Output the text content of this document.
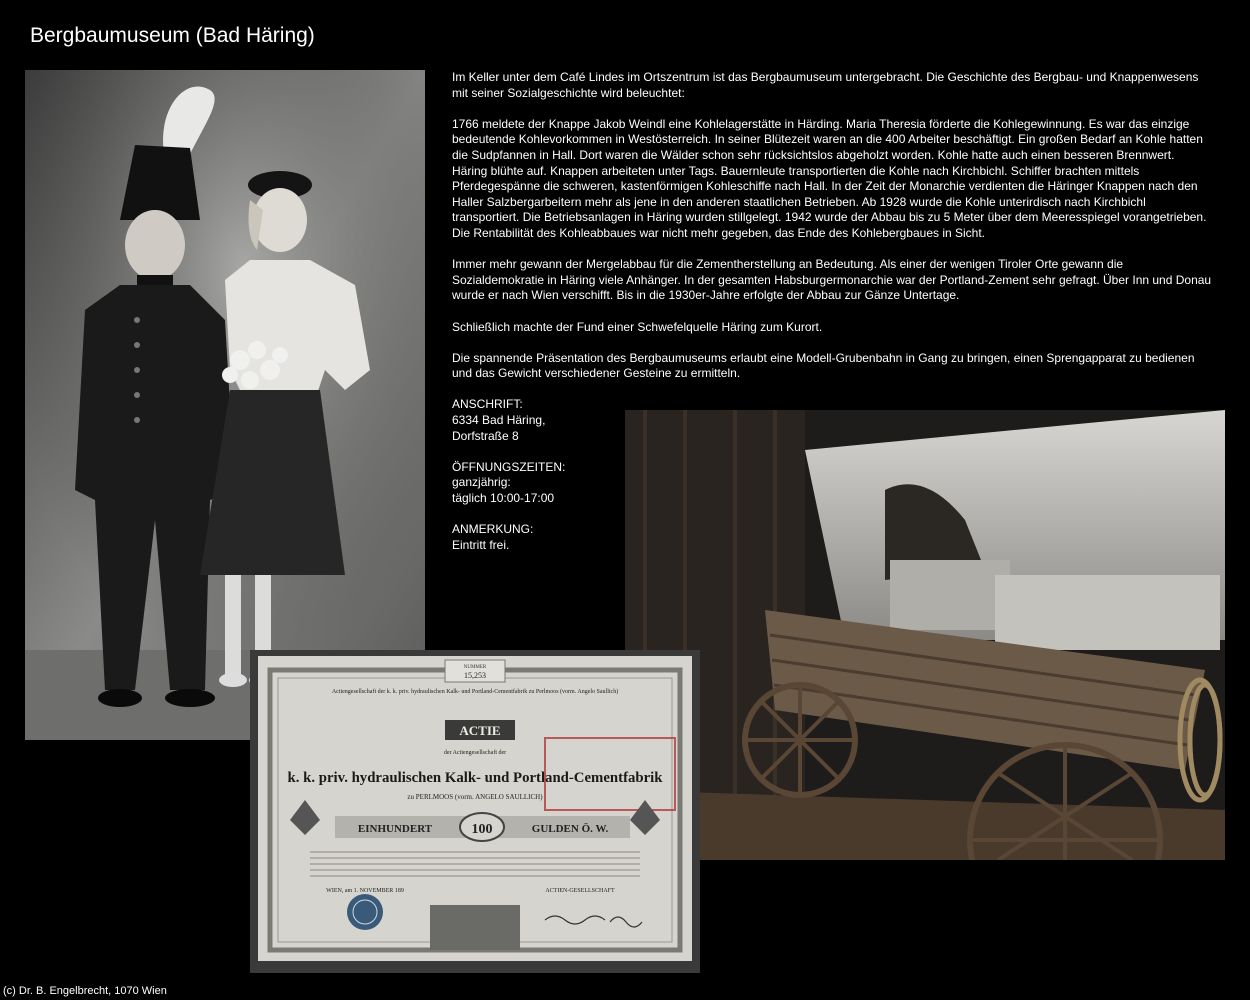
Bergbaumuseum (Bad Häring)
NUMMER
15,253
Actiengesellschaft der k. k. priv. hydraulischen Kalk- und Portland-Cementfabrik zu Perlmoos (vorm. Angelo Saullich)
ACTIE
der Actiengesellschaft der
k. k. priv. hydraulischen Kalk- und Portland-Cementfabrik
zu PERLMOOS (vorm. ANGELO SAULLICH)
EINHUNDERT	100	GULDEN Ö. W.
WIEN, am 1. NOVEMBER 189	ACTIEN-GESELLSCHAFT

Im Keller unter dem Café Lindes im Ortszentrum ist das Bergbaumuseum untergebracht. Die Geschichte des Bergbau- und Knappenwesens mit seiner Sozialgeschichte wird beleuchtet:

1766 meldete der Knappe Jakob Weindl eine Kohlelagerstätte in Härding. Maria Theresia förderte die Kohlegewinnung. Es war das einzige bedeutende Kohlevorkommen in Westösterreich. In seiner Blütezeit waren an die 400 Arbeiter beschäftigt. Ein großen Bedarf an Kohle hatten die Sudpfannen in Hall. Dort waren die Wälder schon sehr rücksichtslos abgeholzt worden. Kohle hatte auch einen besseren Brennwert. Häring blühte auf. Knappen arbeiteten unter Tags. Bauernleute transportierten die Kohle nach Kirchbichl. Schiffer brachten mittels Pferdegespänne die schweren, kastenförmigen Kohleschiffe nach Hall. In der Zeit der Monarchie verdienten die Häringer Knappen nach den Haller Salzbergarbeitern mehr als jene in den anderen staatlichen Betrieben. Ab 1928 wurde die Kohle unterirdisch nach Kirchbichl transportiert. Die Betriebsanlagen in Häring wurden stillgelegt. 1942 wurde der Abbau bis zu 5 Meter über dem Meeresspiegel vorangetrieben. Die Rentabilität des Kohleabbaues war nicht mehr gegeben, das Ende des Kohlebergbaues in Sicht.

Immer mehr gewann der Mergelabbau für die Zementherstellung an Bedeutung. Als einer der wenigen Tiroler Orte gewann die Sozialdemokratie in Häring viele Anhänger. In der gesamten Habsburgermonarchie war der Portland-Zement sehr gefragt. Über Inn und Donau wurde er nach Wien verschifft. Bis in die 1930er-Jahre erfolgte der Abbau zur Gänze Untertage.

Schließlich machte der Fund einer Schwefelquelle Häring zum Kurort.

Die spannende Präsentation des Bergbaumuseums erlaubt eine Modell-Grubenbahn in Gang zu bringen, einen Sprengapparat zu bedienen und das Gewicht verschiedener Gesteine zu ermitteln.

ANSCHRIFT:
6334 Bad Häring,
Dorfstraße 8
ÖFFNUNGSZEITEN:
ganzjährig:
täglich 10:00-17:00
ANMERKUNG:
Eintritt frei.
(c) Dr. B. Engelbrecht, 1070 Wien
